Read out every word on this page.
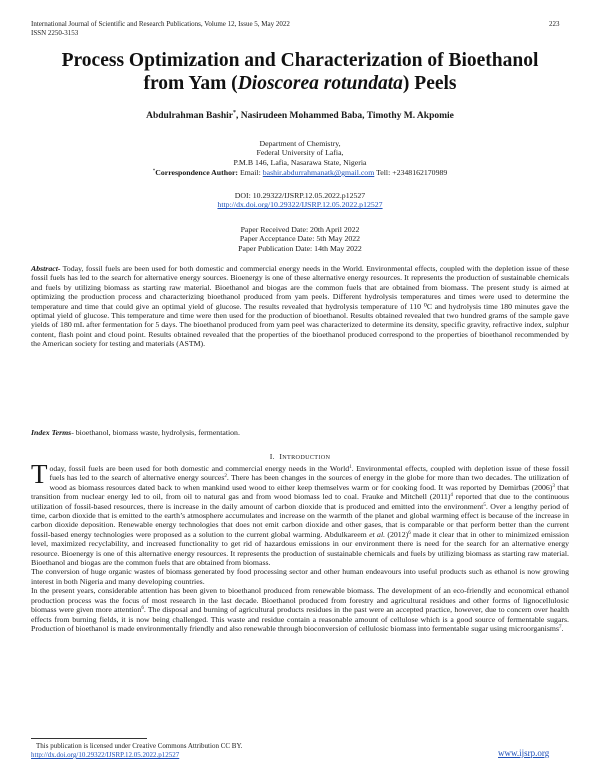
International Journal of Scientific and Research Publications, Volume 12, Issue 5, May 2022
ISSN 2250-3153
223
Process Optimization and Characterization of Bioethanol
from Yam (Dioscorea rotundata) Peels
Abdulrahman Bashir*, Nasirudeen Mohammed Baba, Timothy M. Akpomie
Department of Chemistry,
Federal University of Lafia,
P.M.B 146, Lafia, Nasarawa State, Nigeria
*Correspondence Author: Email: bashir.abdurrahmanatk@gmail.com Tell: +2348162170989
DOI: 10.29322/IJSRP.12.05.2022.p12527
http://dx.doi.org/10.29322/IJSRP.12.05.2022.p12527
Paper Received Date: 20th April 2022
Paper Acceptance Date: 5th May 2022
Paper Publication Date: 14th May 2022
Abstract- Today, fossil fuels are been used for both domestic and commercial energy needs in the World. Environmental effects, coupled with the depletion issue of these fossil fuels has led to the search for alternative energy sources. Bioenergy is one of these alternative energy resources. It represents the production of sustainable chemicals and fuels by utilizing biomass as starting raw material. Bioethanol and biogas are the common fuels that are obtained from biomass. The present study is aimed at optimizing the production process and characterizing bioethanol produced from yam peels. Different hydrolysis temperatures and times were used to determine the temperature and time that could give an optimal yield of glucose. The results revealed that hydrolysis temperature of 110 ⁰C and hydrolysis time 180 minutes gave the optimal yield of glucose. This temperature and time were then used for the production of bioethanol. Results obtained revealed that two hundred grams of the sample gave yields of 180 mL after fermentation for 5 days. The bioethanol produced from yam peel was characterized to determine its density, specific gravity, refractive index, sulphur content, flash point and cloud point. Results obtained revealed that the properties of the bioethanol produced correspond to the properties of bioethanol recommended by the American society for testing and materials (ASTM).
Index Terms- bioethanol, biomass waste, hydrolysis, fermentation.
I. INTRODUCTION

Today, fossil fuels are been used for both domestic and commercial energy needs in the World$^1$. Environmental effects, coupled with depletion issue of these fossil fuels has led to the search of alternative energy sources$^2$. There has been changes in the sources of energy in the globe for more than two decades. The utilization of wood as biomass resources dated back to when mankind used wood to either keep themselves warm or for cooking food. It was reported by Demirbas $(2006)^3$ that transition from nuclear energy led to oil, from oil to natural gas and from wood biomass led to coal. Frauke and Mitchell $(2011)^4$ reported that due to the continuous utilization of fossil-based resources, there is increase in the daily amount of carbon dioxide that is produced and emitted into the environment$^5$. Over a lengthy period of time, carbon dioxide that is emitted to the earth’s atmosphere accumulates and increase on the warmth of the planet and global warming effect is because of the increase in carbon dioxide deposition. Renewable energy technologies that does not emit carbon dioxide and other gases, that is comparable or that perform better than the current fossil-based energy technologies were proposed as a solution to the current global warming. Abdulkareem et al. $(2012)^6$ made it clear that in other to minimized emission level, maximized recyclability, and increased functionality to get rid of hazardous emissions in our environment there is need for the search for an alternative energy resource. Bioenergy is one of this alternative energy resources. It represents the production of sustainable chemicals and fuels by utilizing biomass as starting raw material. Bioethanol and biogas are the common fuels that are obtained from biomass.

The conversion of huge organic wastes of biomass generated by food processing sector and other human endeavours into useful products such as ethanol is now growing interest in both Nigeria and many developing countries.

In the present years, considerable attention has been given to bioethanol produced from renewable biomass. The development of an eco-friendly and economical ethanol production process was the focus of most research in the last decade. Bioethanol produced from forestry and agricultural residues and other forms of lignocellulosic biomass were given more attention$^6$. The disposal and burning of agricultural products residues in the past were an accepted practice, however, due to concern over health effects from burning fields, it is now being challenged. This waste and residue contain a reasonable amount of cellulose which is a good source of fermentable sugars. Production of bioethanol is made environmentally friendly and also renewable through bioconversion of cellulosic biomass into fermentable sugar using microorganisms$^7$.

This publication is licensed under Creative Commons Attribution CC BY.
http://dx.doi.org/10.29322/IJSRP.12.05.2022.p12527	www.ijsrp.org
